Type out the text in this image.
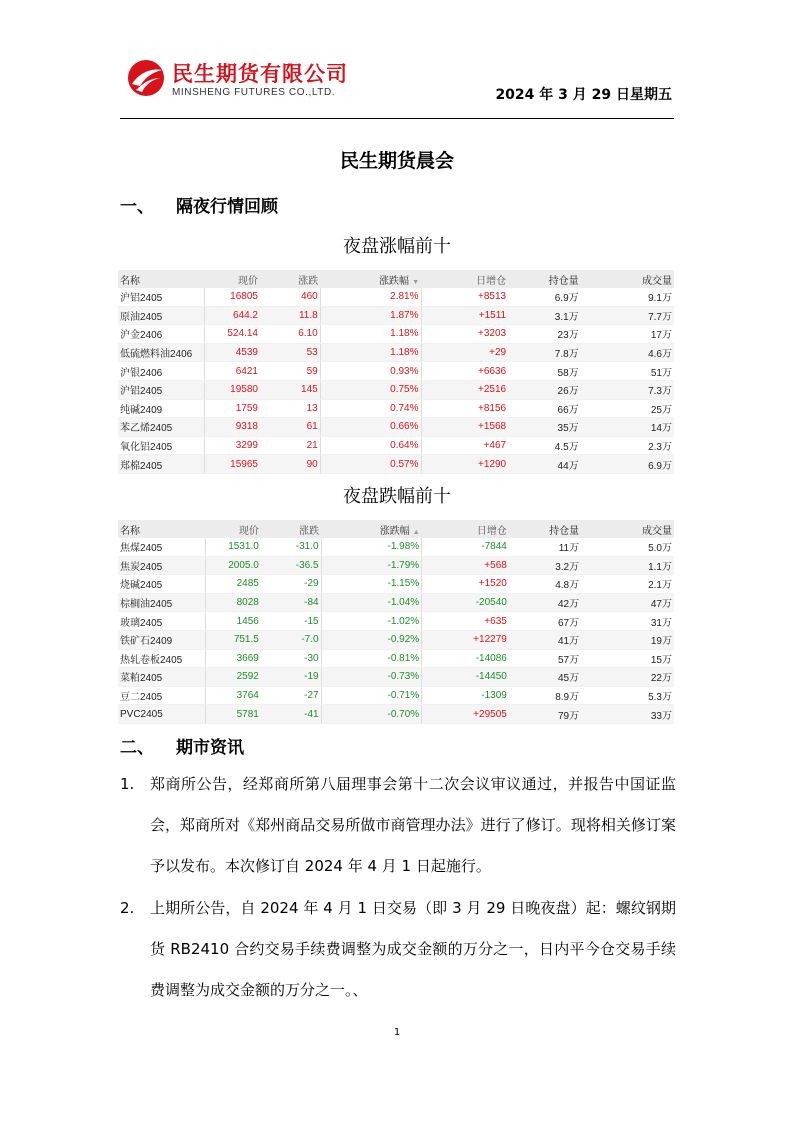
民生期货有限公司
MINSHENG FUTURES CO.,LTD.	2024 年 3 月 29 日星期五
民生期货晨会
一、 隔夜行情回顾
夜盘涨幅前十
名称	现价	涨跌	涨跌幅 ▼	日增仓	持仓量	成交量
沪铝2405	16805	460	2.81%	+8513	6.9万	9.1万
原油2405	644.2	11.8	1.87%	+1511	3.1万	7.7万
沪金2406	524.14	6.10	1.18%	+3203	23万	17万
低硫燃料油2406	4539	53	1.18%	+29	7.8万	4.6万
沪银2406	6421	59	0.93%	+6636	58万	51万
沪铝2405	19580	145	0.75%	+2516	26万	7.3万
纯碱2409	1759	13	0.74%	+8156	66万	25万
苯乙烯2405	9318	61	0.66%	+1568	35万	14万
氧化铝2405	3299	21	0.64%	+467	4.5万	2.3万
郑棉2405	15965	90	0.57%	+1290	44万	6.9万
夜盘跌幅前十
名称	现价	涨跌	涨跌幅 ▲	日增仓	持仓量	成交量
焦煤2405	1531.0	-31.0	-1.98%	-7844	11万	5.0万
焦炭2405	2005.0	-36.5	-1.79%	+568	3.2万	1.1万
烧碱2405	2485	-29	-1.15%	+1520	4.8万	2.1万
棕榈油2405	8028	-84	-1.04%	-20540	42万	47万
玻璃2405	1456	-15	-1.02%	+635	67万	31万
铁矿石2409	751.5	-7.0	-0.92%	+12279	41万	19万
热轧卷板2405	3669	-30	-0.81%	-14086	57万	15万
菜粕2405	2592	-19	-0.73%	-14450	45万	22万
豆二2405	3764	-27	-0.71%	-1309	8.9万	5.3万
PVC2405	5781	-41	-0.70%	+29505	79万	33万
二、 期市资讯
1. 郑商所公告，经郑商所第八届理事会第十二次会议审议通过，并报告中国证监会，郑商所对《郑州商品交易所做市商管理办法》进行了修订。现将相关修订案予以发布。本次修订自 2024 年 4 月 1 日起施行。
2. 上期所公告，自 2024 年 4 月 1 日交易（即 3 月 29 日晚夜盘）起：螺纹钢期货 RB2410 合约交易手续费调整为成交金额的万分之一，日内平今仓交易手续费调整为成交金额的万分之一。、
1
